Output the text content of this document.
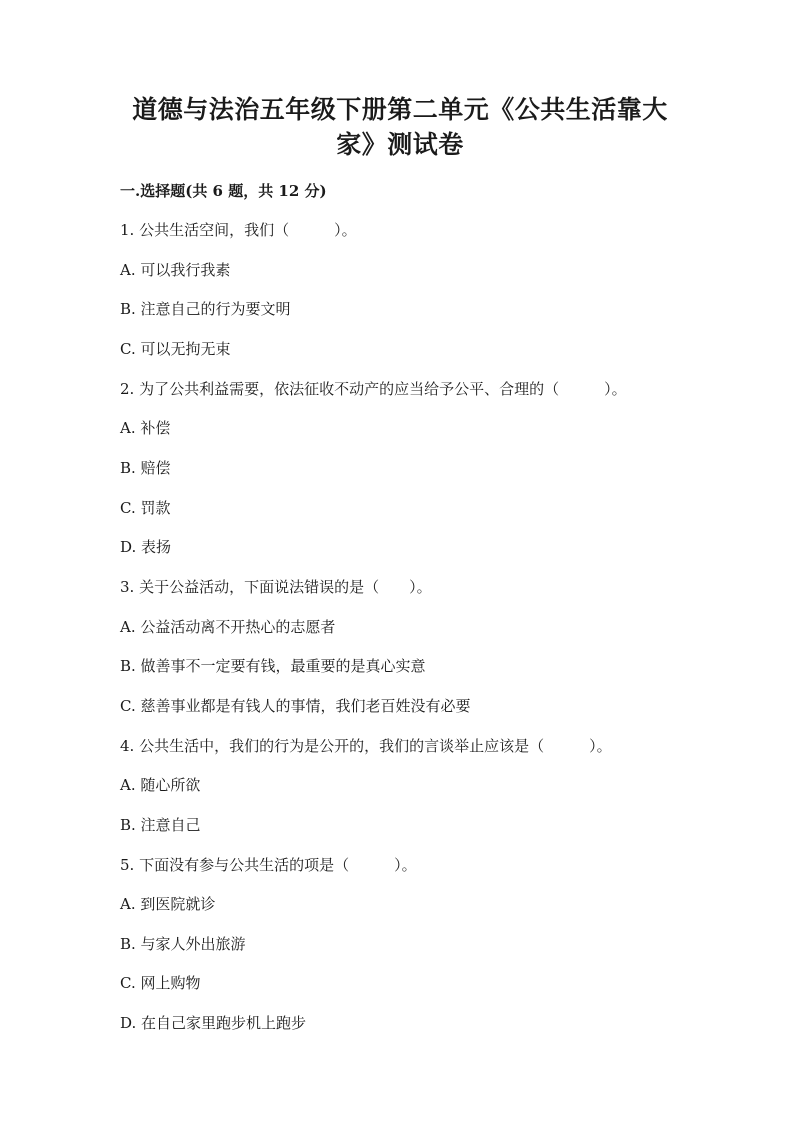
道德与法治五年级下册第二单元《公共生活靠大
家》测试卷
一.选择题(共 6 题，共 12 分)
1. 公共生活空间，我们（　　　）。
A. 可以我行我素
B. 注意自己的行为要文明
C. 可以无拘无束
2. 为了公共利益需要，依法征收不动产的应当给予公平、合理的（　　　）。
A. 补偿
B. 赔偿
C. 罚款
D. 表扬
3. 关于公益活动，下面说法错误的是（　　）。
A. 公益活动离不开热心的志愿者
B. 做善事不一定要有钱，最重要的是真心实意
C. 慈善事业都是有钱人的事情，我们老百姓没有必要
4. 公共生活中，我们的行为是公开的，我们的言谈举止应该是（　　　）。
A. 随心所欲
B. 注意自己
5. 下面没有参与公共生活的项是（　　　）。
A. 到医院就诊
B. 与家人外出旅游
C. 网上购物
D. 在自己家里跑步机上跑步
